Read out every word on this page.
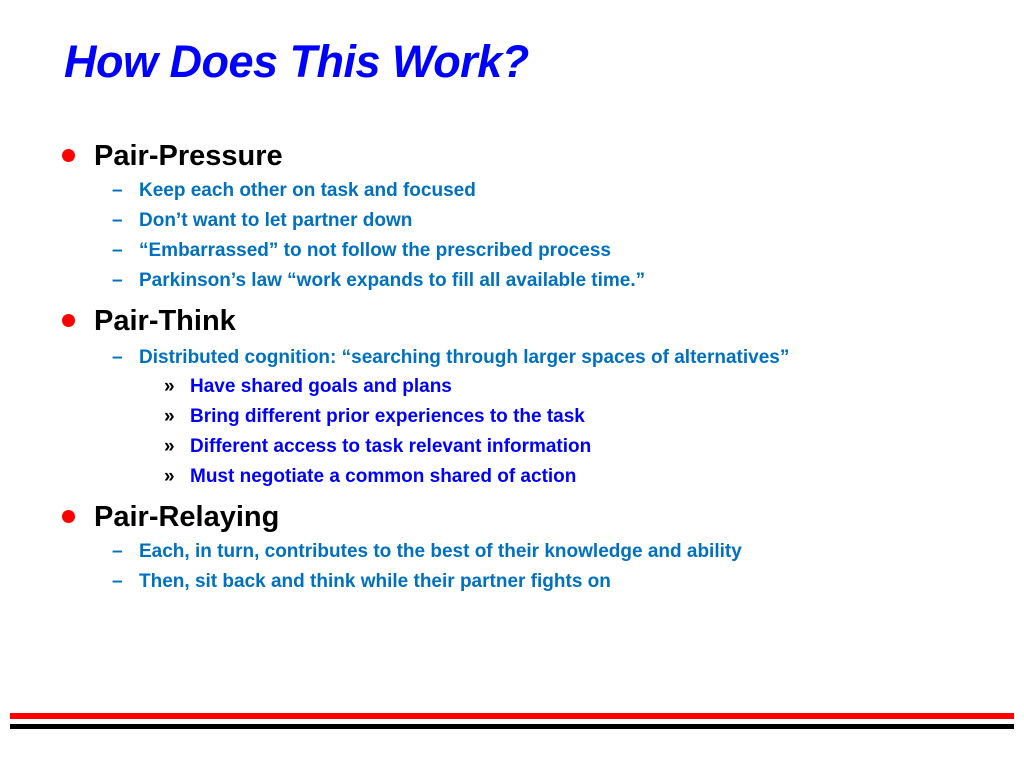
How Does This Work?
Pair-Pressure
– Keep each other on task and focused
– Don’t want to let partner down
– “Embarrassed” to not follow the prescribed process
– Parkinson’s law “work expands to fill all available time.”
Pair-Think
– Distributed cognition: “searching through larger spaces of alternatives”
» Have shared goals and plans
» Bring different prior experiences to the task
» Different access to task relevant information
» Must negotiate a common shared of action
Pair-Relaying
– Each, in turn, contributes to the best of their knowledge and ability
– Then, sit back and think while their partner fights on
